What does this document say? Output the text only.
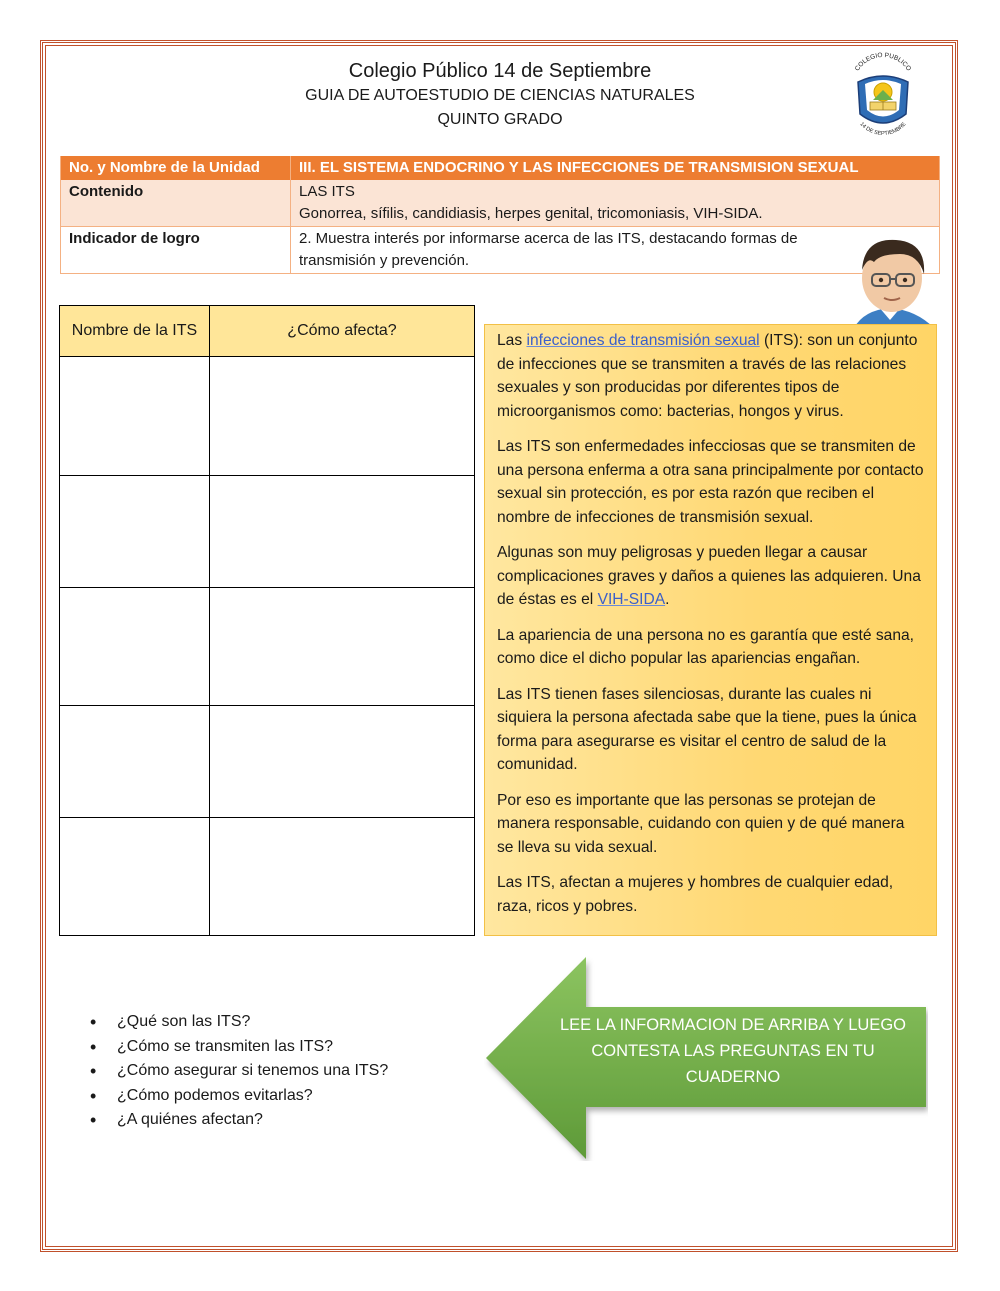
Colegio Público 14 de Septiembre
GUIA DE AUTOESTUDIO DE CIENCIAS NATURALES
QUINTO GRADO
COLEGIO PUBLICO
14 DE SEPTIEMBRE
No. y Nombre de la Unidad	III. EL SISTEMA ENDOCRINO Y LAS INFECCIONES DE TRANSMISION SEXUAL
Contenido	LAS ITS
Gonorrea, sífilis, candidiasis, herpes genital, tricomoniasis, VIH-SIDA.

Indicador de logro	2. Muestra interés por informarse acerca de las ITS, destacando formas de
transmisión y prevención.
Nombre de la ITS	¿Cómo afecta?

Las infecciones de transmisión sexual (ITS): son un conjunto de infecciones que se transmiten a través de las relaciones sexuales y son producidas por diferentes tipos de microorganismos como: bacterias, hongos y virus.

Las ITS son enfermedades infecciosas que se transmiten de una persona enferma a otra sana principalmente por contacto sexual sin protección, es por esta razón que reciben el nombre de infecciones de transmisión sexual.

Algunas son muy peligrosas y pueden llegar a causar complicaciones graves y daños a quienes las adquieren. Una de éstas es el VIH-SIDA.

La apariencia de una persona no es garantía que esté sana, como dice el dicho popular las apariencias engañan.

Las ITS tienen fases silenciosas, durante las cuales ni siquiera la persona afectada sabe que la tiene, pues la única forma para asegurarse es visitar el centro de salud de la comunidad.

Por eso es importante que las personas se protejan de manera responsable, cuidando con quien y de qué manera se lleva su vida sexual.

Las ITS, afectan a mujeres y hombres de cualquier edad, raza, ricos y pobres.

• ¿Qué son las ITS?
• ¿Cómo se transmiten las ITS?
• ¿Cómo asegurar si tenemos una ITS?
• ¿Cómo podemos evitarlas?
• ¿A quiénes afectan?
LEE LA INFORMACION DE ARRIBA Y LUEGO
CONTESTA LAS PREGUNTAS EN TU
CUADERNO
